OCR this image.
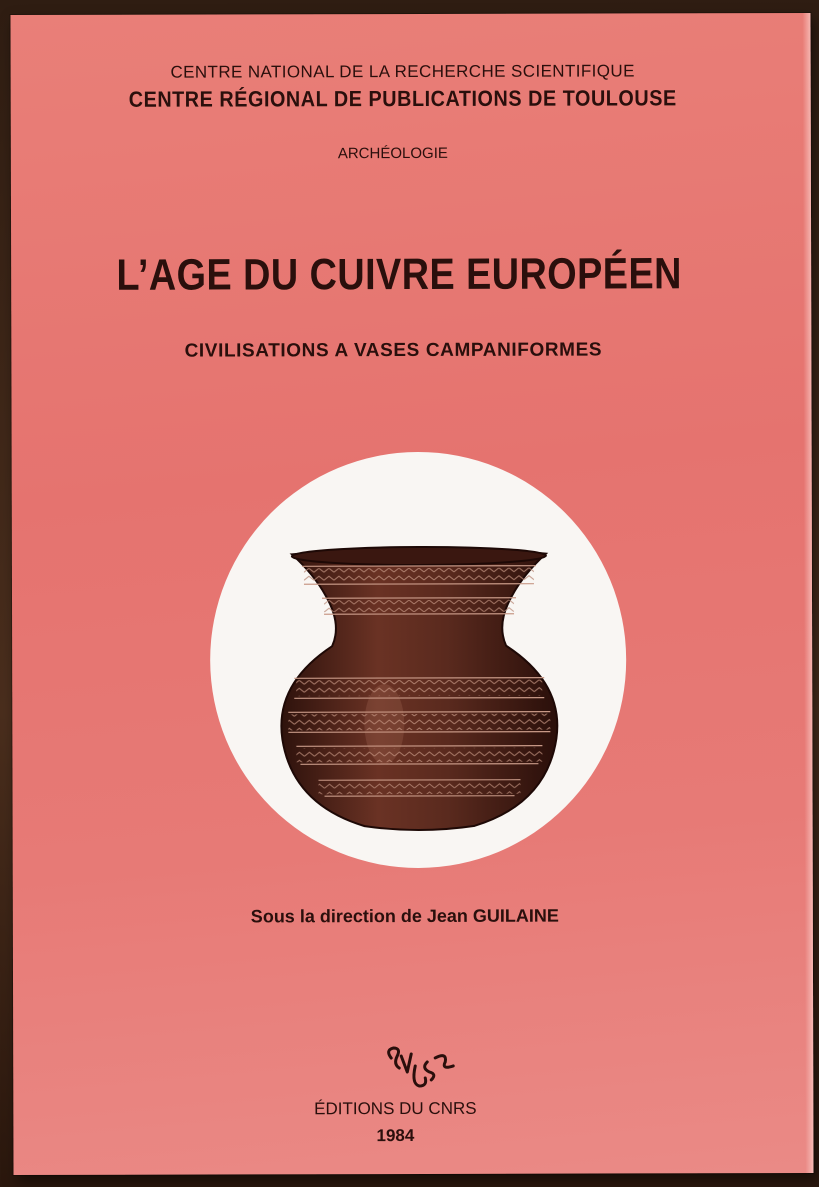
CENTRE NATIONAL DE LA RECHERCHE SCIENTIFIQUE
CENTRE RÉGIONAL DE PUBLICATIONS DE TOULOUSE
ARCHÉOLOGIE
L’AGE DU CUIVRE EUROPÉEN
CIVILISATIONS A VASES CAMPANIFORMES
Sous la direction de Jean GUILAINE
ÉDITIONS DU CNRS
1984
